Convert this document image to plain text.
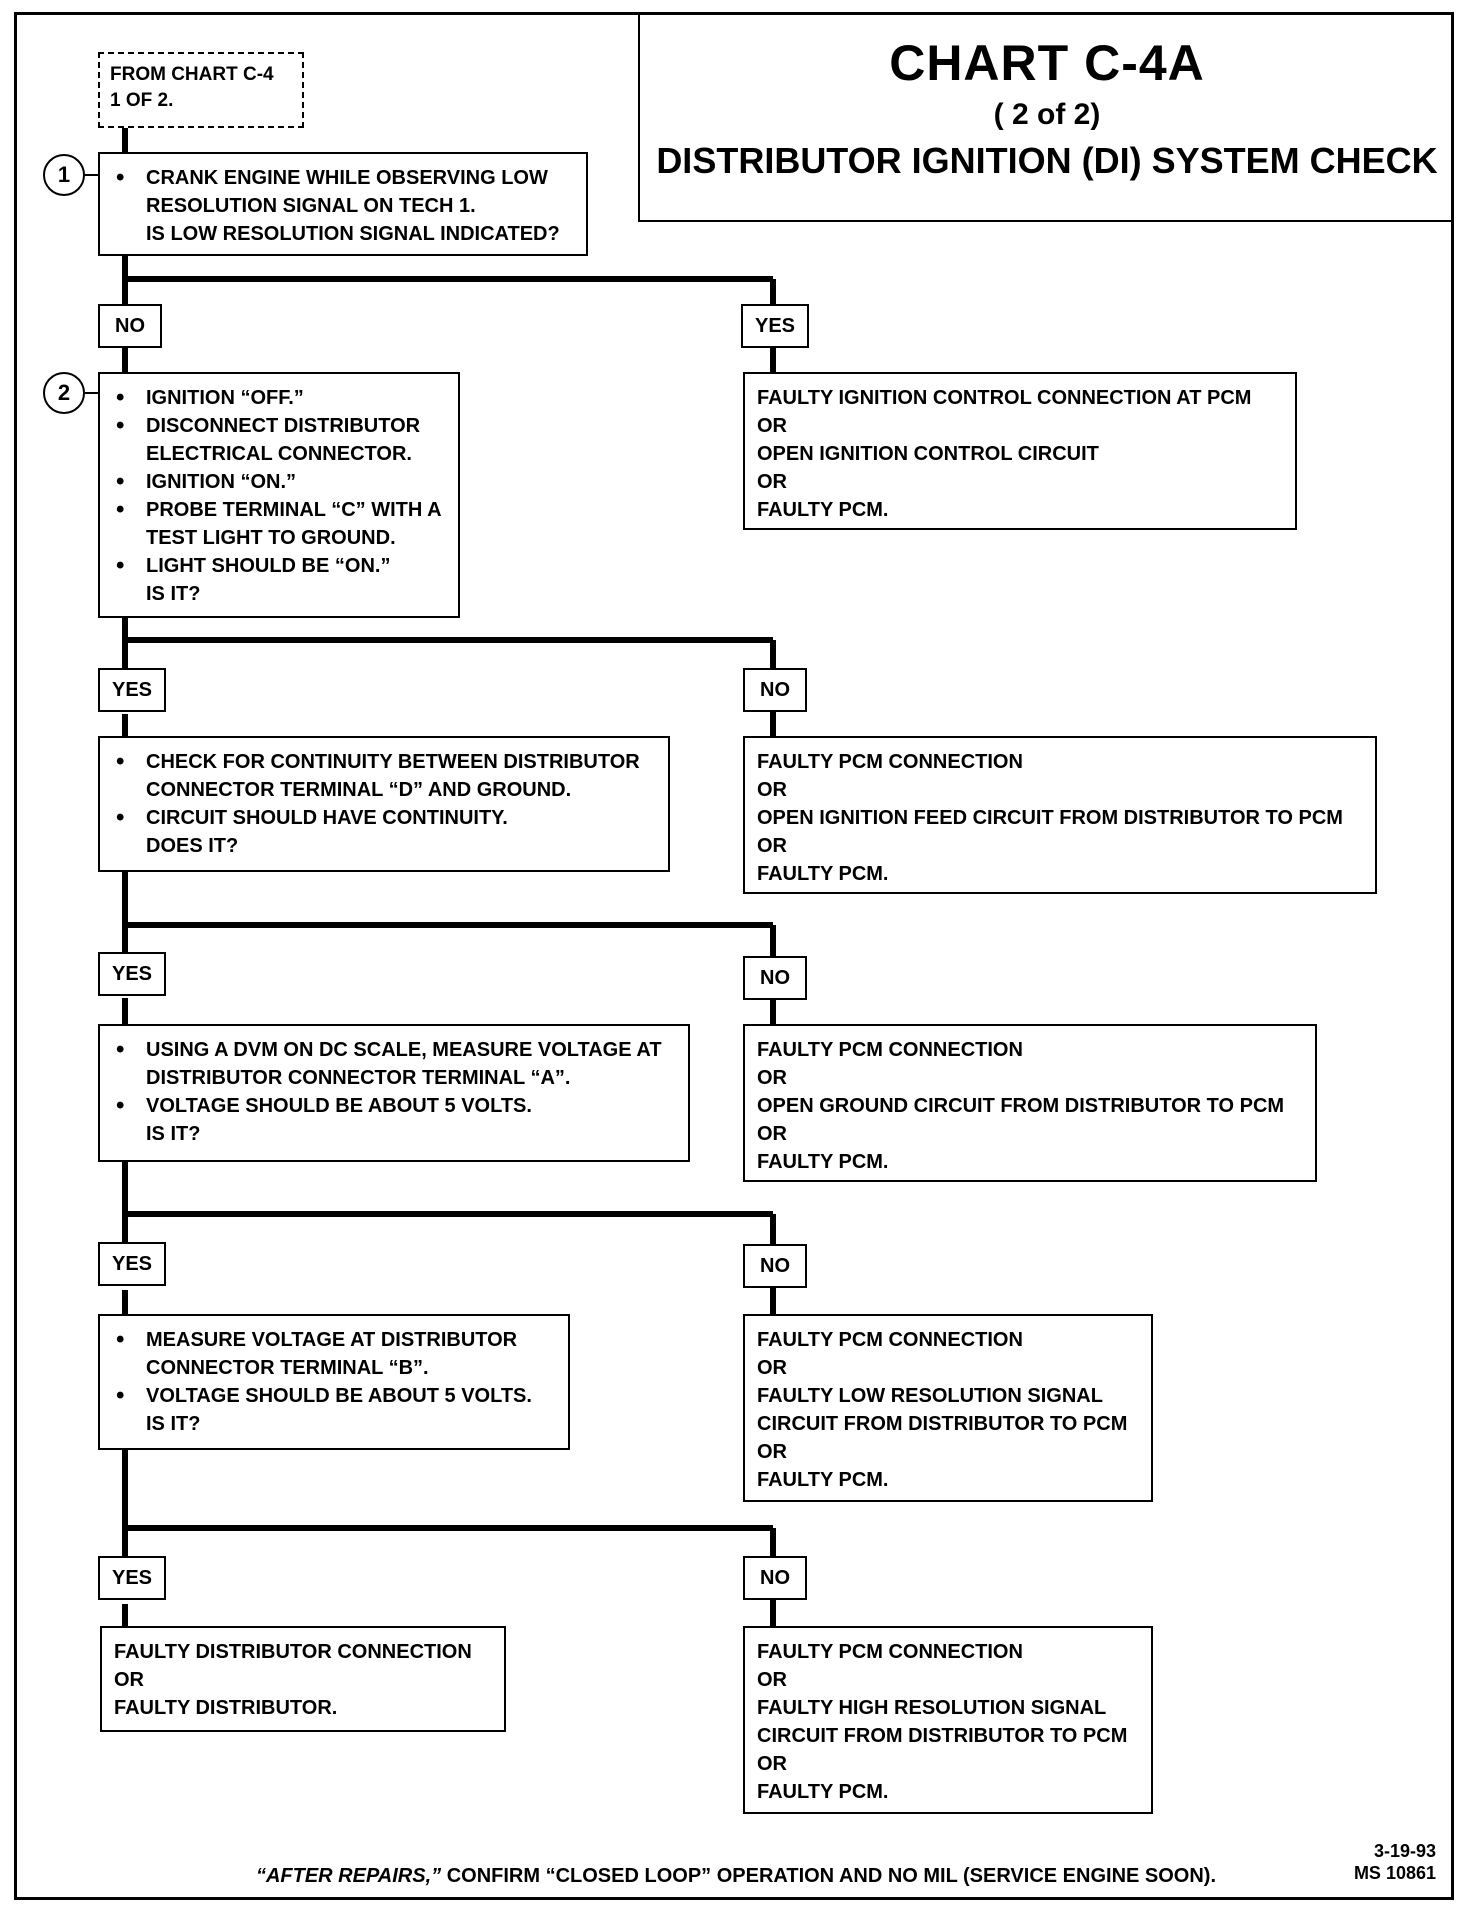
CHART C-4A
( 2 of 2)
DISTRIBUTOR IGNITION (DI) SYSTEM CHECK
FROM CHART C-4
1 OF 2.
1
2
• CRANK ENGINE WHILE OBSERVING LOW RESOLUTION SIGNAL ON TECH 1.
IS LOW RESOLUTION SIGNAL INDICATED?
NO	YES
• IGNITION “OFF.”
• DISCONNECT DISTRIBUTOR ELECTRICAL CONNECTOR.
• IGNITION “ON.”
• PROBE TERMINAL “C” WITH A TEST LIGHT TO GROUND.
• LIGHT SHOULD BE “ON.”
IS IT?
FAULTY IGNITION CONTROL CONNECTION AT PCM
OR
OPEN IGNITION CONTROL CIRCUIT
OR
FAULTY PCM.
YES	NO
• CHECK FOR CONTINUITY BETWEEN DISTRIBUTOR CONNECTOR TERMINAL “D” AND GROUND.
• CIRCUIT SHOULD HAVE CONTINUITY.
DOES IT?
FAULTY PCM CONNECTION
OR
OPEN IGNITION FEED CIRCUIT FROM DISTRIBUTOR TO PCM
OR
FAULTY PCM.
YES	NO
• USING A DVM ON DC SCALE, MEASURE VOLTAGE AT DISTRIBUTOR CONNECTOR TERMINAL “A”.
• VOLTAGE SHOULD BE ABOUT 5 VOLTS.
IS IT?
FAULTY PCM CONNECTION
OR
OPEN GROUND CIRCUIT FROM DISTRIBUTOR TO PCM
OR
FAULTY PCM.
YES	NO
• MEASURE VOLTAGE AT DISTRIBUTOR CONNECTOR TERMINAL “B”.
• VOLTAGE SHOULD BE ABOUT 5 VOLTS.
IS IT?
FAULTY PCM CONNECTION
OR
FAULTY LOW RESOLUTION SIGNAL
CIRCUIT FROM DISTRIBUTOR TO PCM
OR
FAULTY PCM.
YES	NO
FAULTY DISTRIBUTOR CONNECTION
OR
FAULTY DISTRIBUTOR.
FAULTY PCM CONNECTION
OR
FAULTY HIGH RESOLUTION SIGNAL
CIRCUIT FROM DISTRIBUTOR TO PCM
OR
FAULTY PCM.
3-19-93
MS 10861
“AFTER REPAIRS,” CONFIRM “CLOSED LOOP” OPERATION AND NO MIL (SERVICE ENGINE SOON).
